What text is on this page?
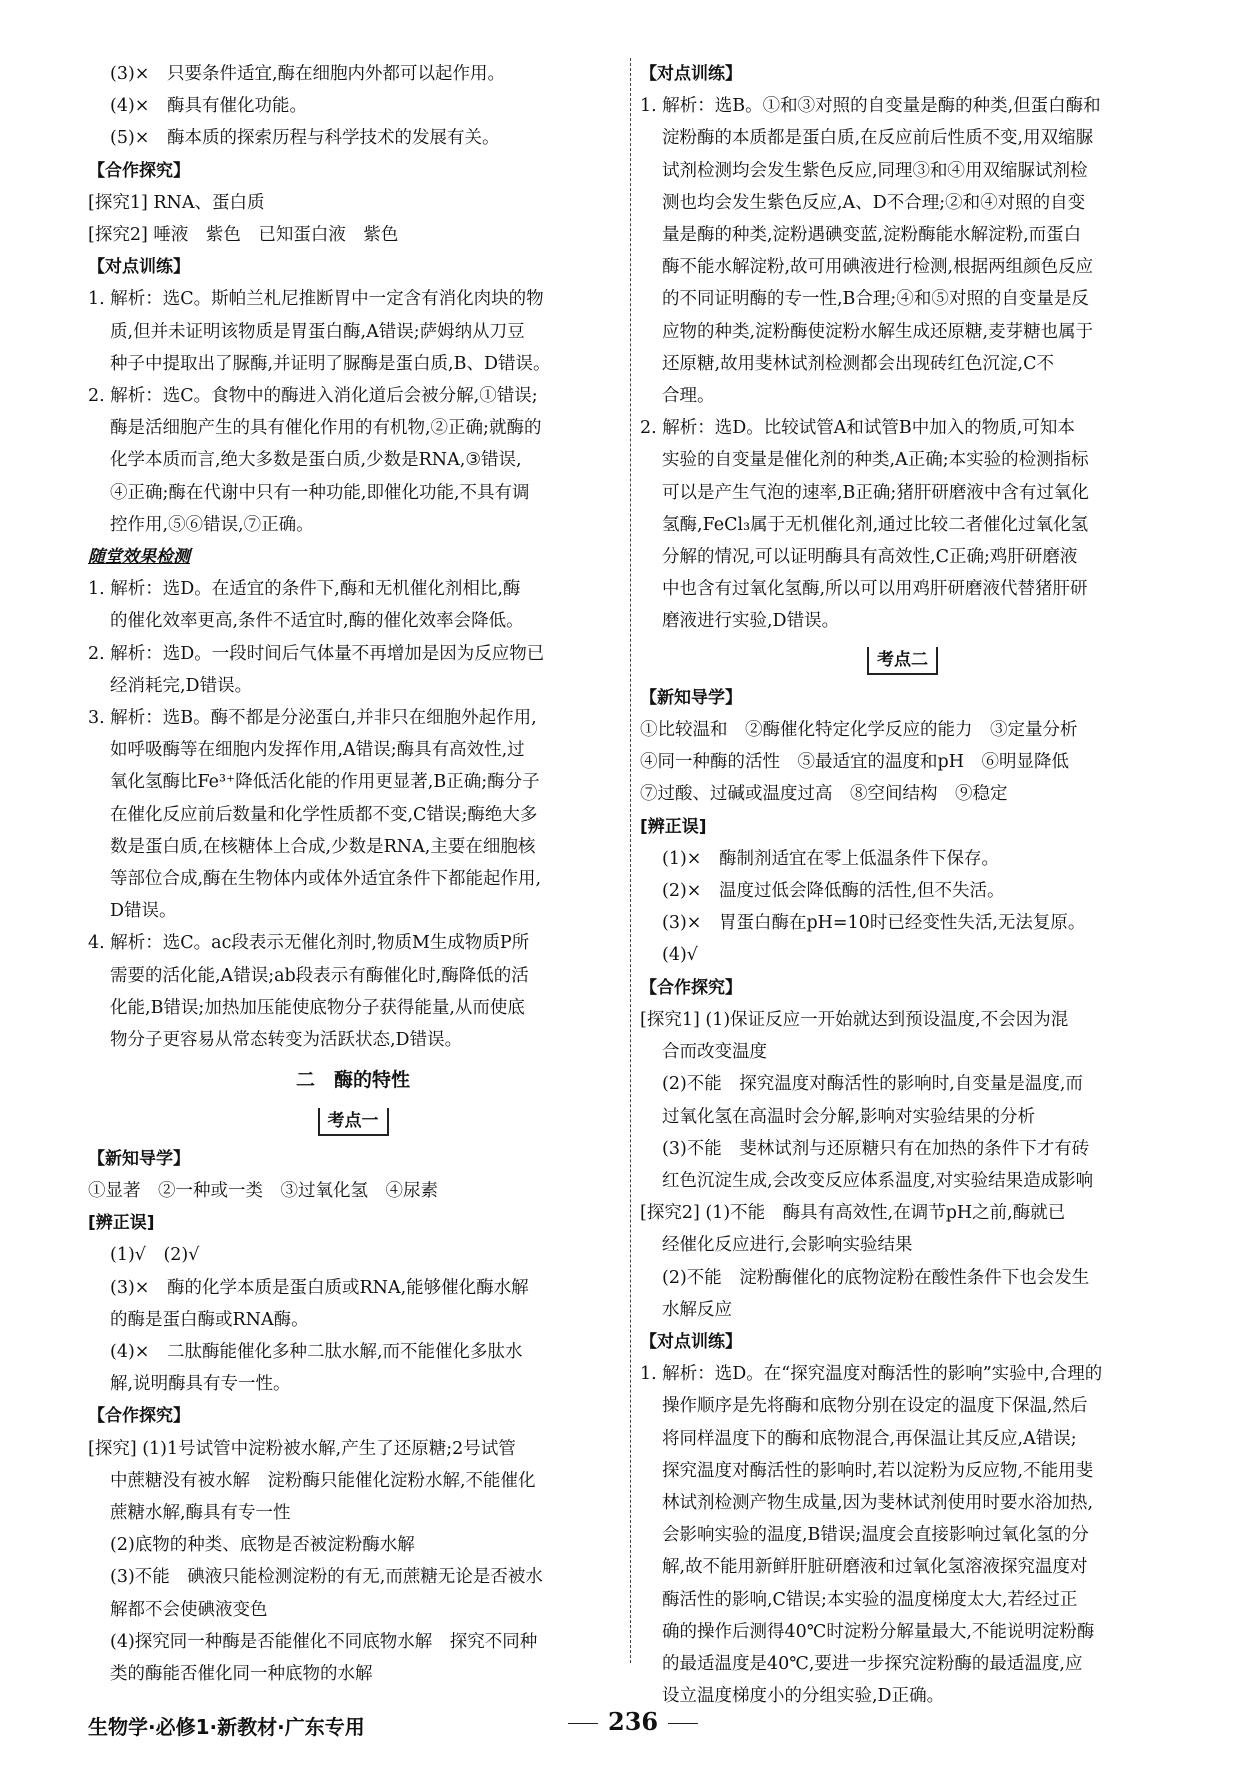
(3)×　只要条件适宜,酶在细胞内外都可以起作用。
(4)×　酶具有催化功能。
(5)×　酶本质的探索历程与科学技术的发展有关。
【合作探究】
[探究1] RNA、蛋白质
[探究2] 唾液　紫色　已知蛋白液　紫色
【对点训练】
1. 解析：选C。斯帕兰札尼推断胃中一定含有消化肉块的物
质,但并未证明该物质是胃蛋白酶,A错误;萨姆纳从刀豆
种子中提取出了脲酶,并证明了脲酶是蛋白质,B、D错误。
2. 解析：选C。食物中的酶进入消化道后会被分解,①错误;
酶是活细胞产生的具有催化作用的有机物,②正确;就酶的
化学本质而言,绝大多数是蛋白质,少数是RNA,③错误,
④正确;酶在代谢中只有一种功能,即催化功能,不具有调
控作用,⑤⑥错误,⑦正确。
随堂效果检测
1. 解析：选D。在适宜的条件下,酶和无机催化剂相比,酶
的催化效率更高,条件不适宜时,酶的催化效率会降低。
2. 解析：选D。一段时间后气体量不再增加是因为反应物已
经消耗完,D错误。
3. 解析：选B。酶不都是分泌蛋白,并非只在细胞外起作用,
如呼吸酶等在细胞内发挥作用,A错误;酶具有高效性,过
氧化氢酶比Fe³⁺降低活化能的作用更显著,B正确;酶分子
在催化反应前后数量和化学性质都不变,C错误;酶绝大多
数是蛋白质,在核糖体上合成,少数是RNA,主要在细胞核
等部位合成,酶在生物体内或体外适宜条件下都能起作用,
D错误。
4. 解析：选C。ac段表示无催化剂时,物质M生成物质P所
需要的活化能,A错误;ab段表示有酶催化时,酶降低的活
化能,B错误;加热加压能使底物分子获得能量,从而使底
物分子更容易从常态转变为活跃状态,D错误。
二　酶的特性
考点一
【新知导学】
①显著　②一种或一类　③过氧化氢　④尿素
[辨正误]
(1)√　(2)√
(3)×　酶的化学本质是蛋白质或RNA,能够催化酶水解
的酶是蛋白酶或RNA酶。
(4)×　二肽酶能催化多种二肽水解,而不能催化多肽水
解,说明酶具有专一性。
【合作探究】
[探究] (1)1号试管中淀粉被水解,产生了还原糖;2号试管
中蔗糖没有被水解　淀粉酶只能催化淀粉水解,不能催化
蔗糖水解,酶具有专一性
(2)底物的种类、底物是否被淀粉酶水解
(3)不能　碘液只能检测淀粉的有无,而蔗糖无论是否被水
解都不会使碘液变色
(4)探究同一种酶是否能催化不同底物水解　探究不同种
类的酶能否催化同一种底物的水解
【对点训练】
1. 解析：选B。①和③对照的自变量是酶的种类,但蛋白酶和
淀粉酶的本质都是蛋白质,在反应前后性质不变,用双缩脲
试剂检测均会发生紫色反应,同理③和④用双缩脲试剂检
测也均会发生紫色反应,A、D不合理;②和④对照的自变
量是酶的种类,淀粉遇碘变蓝,淀粉酶能水解淀粉,而蛋白
酶不能水解淀粉,故可用碘液进行检测,根据两组颜色反应
的不同证明酶的专一性,B合理;④和⑤对照的自变量是反
应物的种类,淀粉酶使淀粉水解生成还原糖,麦芽糖也属于
还原糖,故用斐林试剂检测都会出现砖红色沉淀,C不
合理。
2. 解析：选D。比较试管A和试管B中加入的物质,可知本
实验的自变量是催化剂的种类,A正确;本实验的检测指标
可以是产生气泡的速率,B正确;猪肝研磨液中含有过氧化
氢酶,FeCl₃属于无机催化剂,通过比较二者催化过氧化氢
分解的情况,可以证明酶具有高效性,C正确;鸡肝研磨液
中也含有过氧化氢酶,所以可以用鸡肝研磨液代替猪肝研
磨液进行实验,D错误。
考点二
【新知导学】
①比较温和　②酶催化特定化学反应的能力　③定量分析
④同一种酶的活性　⑤最适宜的温度和pH　⑥明显降低
⑦过酸、过碱或温度过高　⑧空间结构　⑨稳定
[辨正误]
(1)×　酶制剂适宜在零上低温条件下保存。
(2)×　温度过低会降低酶的活性,但不失活。
(3)×　胃蛋白酶在pH=10时已经变性失活,无法复原。
(4)√
【合作探究】
[探究1] (1)保证反应一开始就达到预设温度,不会因为混
合而改变温度
(2)不能　探究温度对酶活性的影响时,自变量是温度,而
过氧化氢在高温时会分解,影响对实验结果的分析
(3)不能　斐林试剂与还原糖只有在加热的条件下才有砖
红色沉淀生成,会改变反应体系温度,对实验结果造成影响
[探究2] (1)不能　酶具有高效性,在调节pH之前,酶就已
经催化反应进行,会影响实验结果
(2)不能　淀粉酶催化的底物淀粉在酸性条件下也会发生
水解反应
【对点训练】
1. 解析：选D。在“探究温度对酶活性的影响”实验中,合理的
操作顺序是先将酶和底物分别在设定的温度下保温,然后
将同样温度下的酶和底物混合,再保温让其反应,A错误;
探究温度对酶活性的影响时,若以淀粉为反应物,不能用斐
林试剂检测产物生成量,因为斐林试剂使用时要水浴加热,
会影响实验的温度,B错误;温度会直接影响过氧化氢的分
解,故不能用新鲜肝脏研磨液和过氧化氢溶液探究温度对
酶活性的影响,C错误;本实验的温度梯度太大,若经过正
确的操作后测得40℃时淀粉分解量最大,不能说明淀粉酶
的最适温度是40℃,要进一步探究淀粉酶的最适温度,应
设立温度梯度小的分组实验,D正确。
生物学·必修1·新教材·广东专用	236
